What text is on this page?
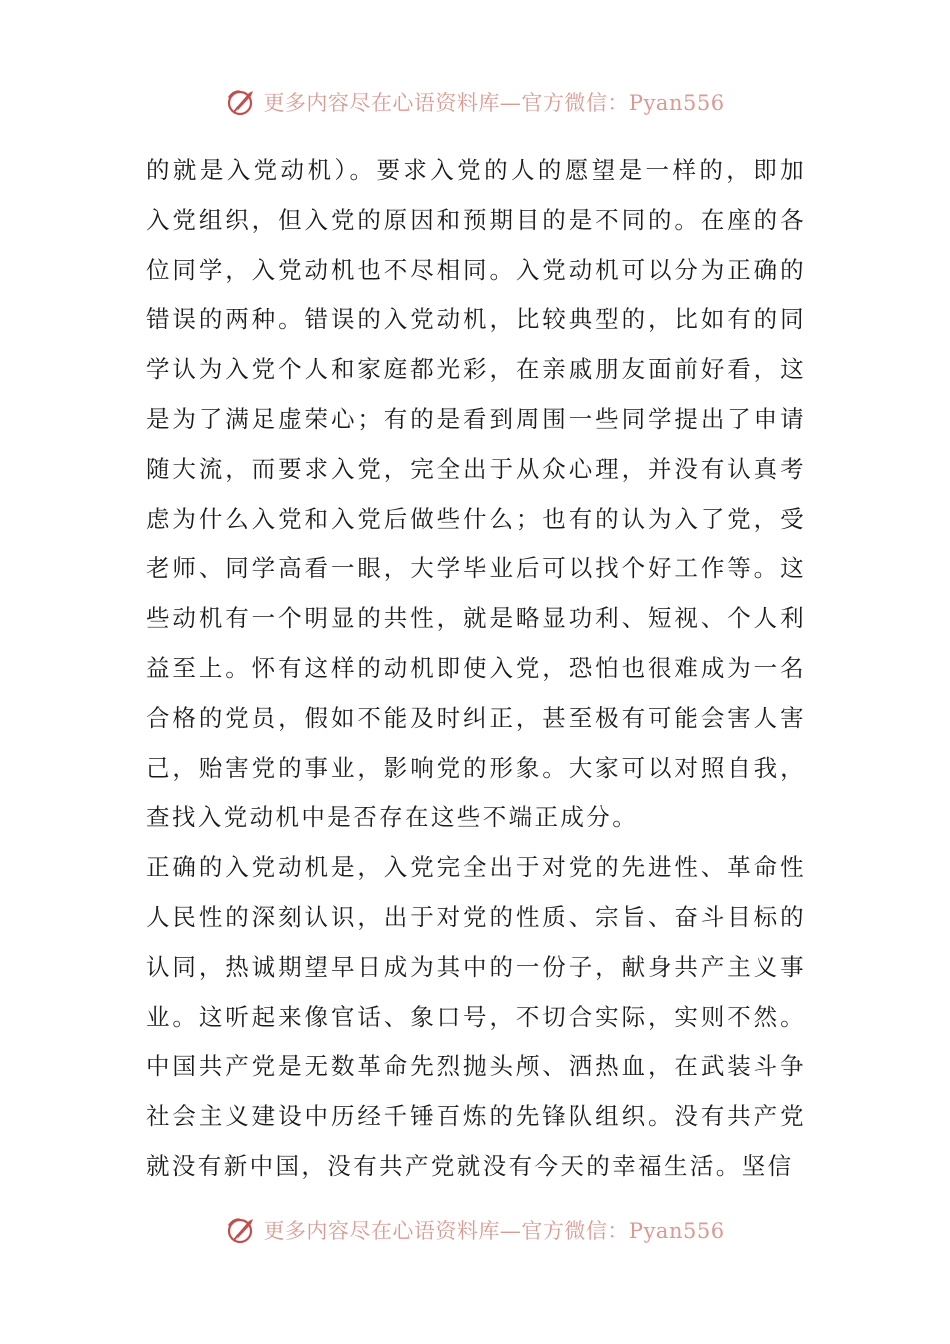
更多内容尽在心语资料库—官方微信：Pyan556

的就是入党动机）。要求入党的人的愿望是一样的，即加入党组织，但入党的原因和预期目的是不同的。在座的各位同学，入党动机也不尽相同。入党动机可以分为正确的错误的两种。错误的入党动机，比较典型的，比如有的同学认为入党个人和家庭都光彩，在亲戚朋友面前好看，这是为了满足虚荣心；有的是看到周围一些同学提出了申请随大流，而要求入党，完全出于从众心理，并没有认真考虑为什么入党和入党后做些什么；也有的认为入了党，受老师、同学高看一眼，大学毕业后可以找个好工作等。这些动机有一个明显的共性，就是略显功利、短视、个人利益至上。怀有这样的动机即使入党，恐怕也很难成为一名合格的党员，假如不能及时纠正，甚至极有可能会害人害己，贻害党的事业，影响党的形象。大家可以对照自我，查找入党动机中是否存在这些不端正成分。

正确的入党动机是，入党完全出于对党的先进性、革命性人民性的深刻认识，出于对党的性质、宗旨、奋斗目标的认同，热诚期望早日成为其中的一份子，献身共产主义事业。这听起来像官话、象口号，不切合实际，实则不然。中国共产党是无数革命先烈抛头颅、洒热血，在武装斗争社会主义建设中历经千锤百炼的先锋队组织。没有共产党就没有新中国，没有共产党就没有今天的幸福生活。坚信

更多内容尽在心语资料库—官方微信：Pyan556
